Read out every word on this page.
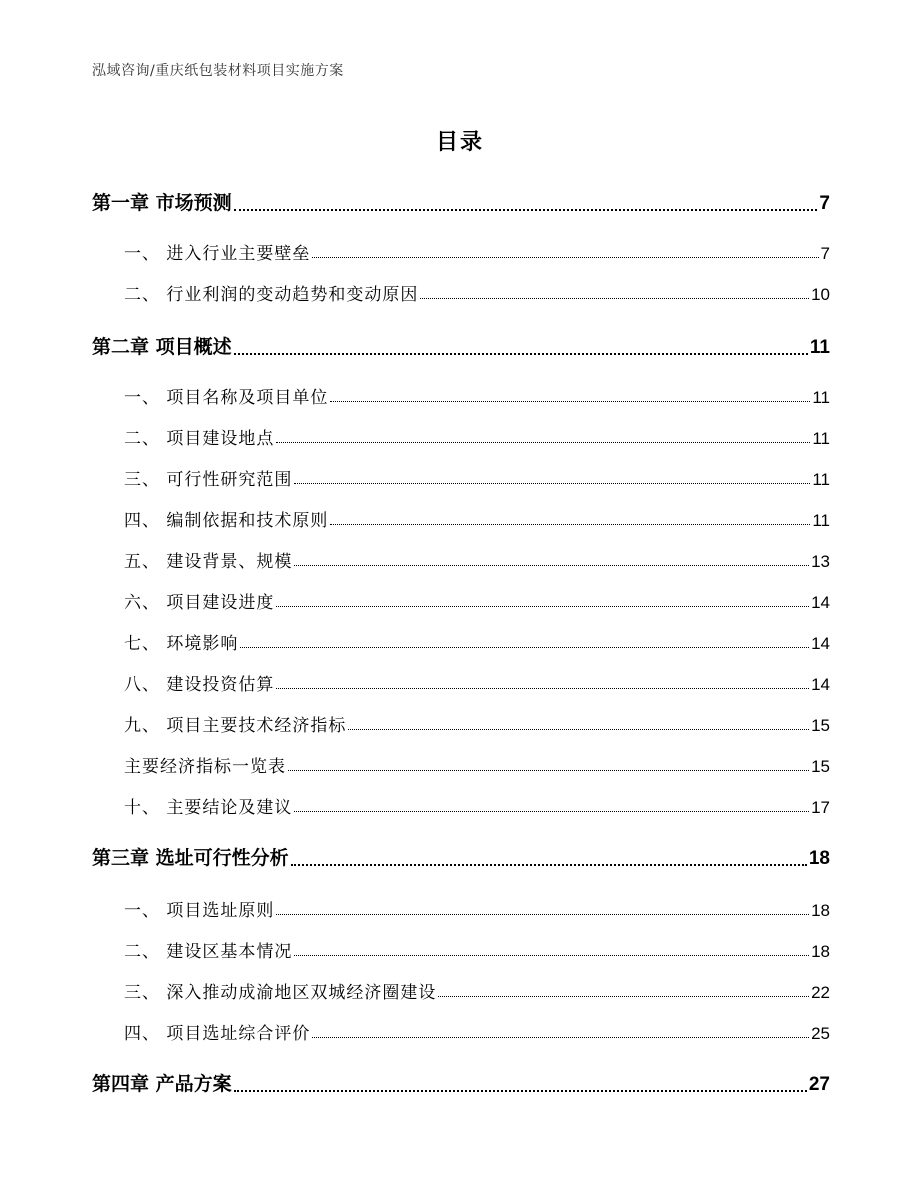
泓域咨询/重庆纸包装材料项目实施方案
目录
第一章 市场预测	7
一、 进入行业主要壁垒	7
二、 行业利润的变动趋势和变动原因	10
第二章 项目概述	11
一、 项目名称及项目单位	11
二、 项目建设地点	11
三、 可行性研究范围	11
四、 编制依据和技术原则	11
五、 建设背景、规模	13
六、 项目建设进度	14
七、 环境影响	14
八、 建设投资估算	14
九、 项目主要技术经济指标	15
主要经济指标一览表	15
十、 主要结论及建议	17
第三章 选址可行性分析	18
一、 项目选址原则	18
二、 建设区基本情况	18
三、 深入推动成渝地区双城经济圈建设	22
四、 项目选址综合评价	25
第四章 产品方案	27
